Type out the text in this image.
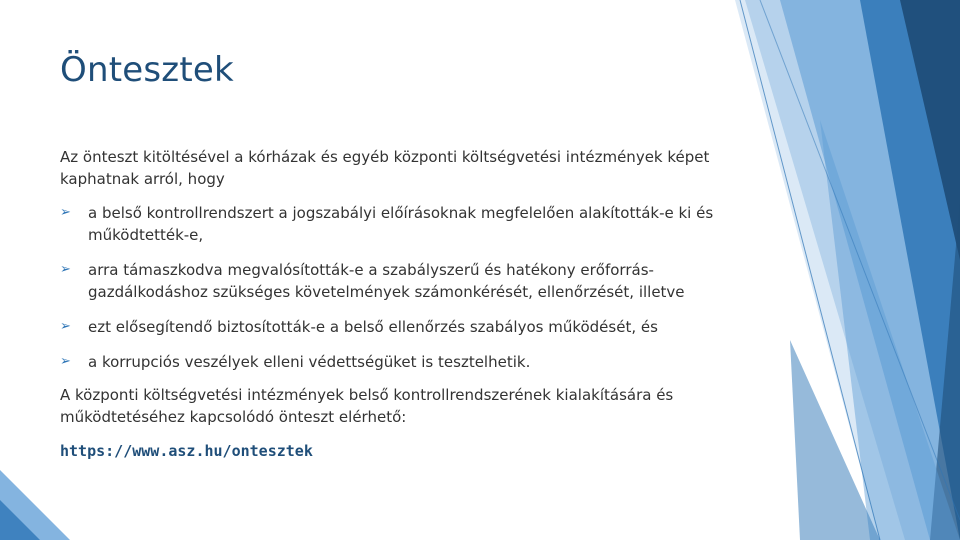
Öntesztek

Az önteszt kitöltésével a kórházak és egyéb központi költségvetési intézmények képet kaphatnak arról, hogy

➢ a belső kontrollrendszert a jogszabályi előírásoknak megfelelően alakították-e ki és működtették-e,
➢ arra támaszkodva megvalósították-e a szabályszerű és hatékony erőforrás-gazdálkodáshoz szükséges követelmények számonkérését, ellenőrzését, illetve
➢ ezt elősegítendő biztosították-e a belső ellenőrzés szabályos működését, és
➢ a korrupciós veszélyek elleni védettségüket is tesztelhetik.

A központi költségvetési intézmények belső kontrollrendszerének kialakítására és működtetéséhez kapcsolódó önteszt elérhető:

https://www.asz.hu/ontesztek
